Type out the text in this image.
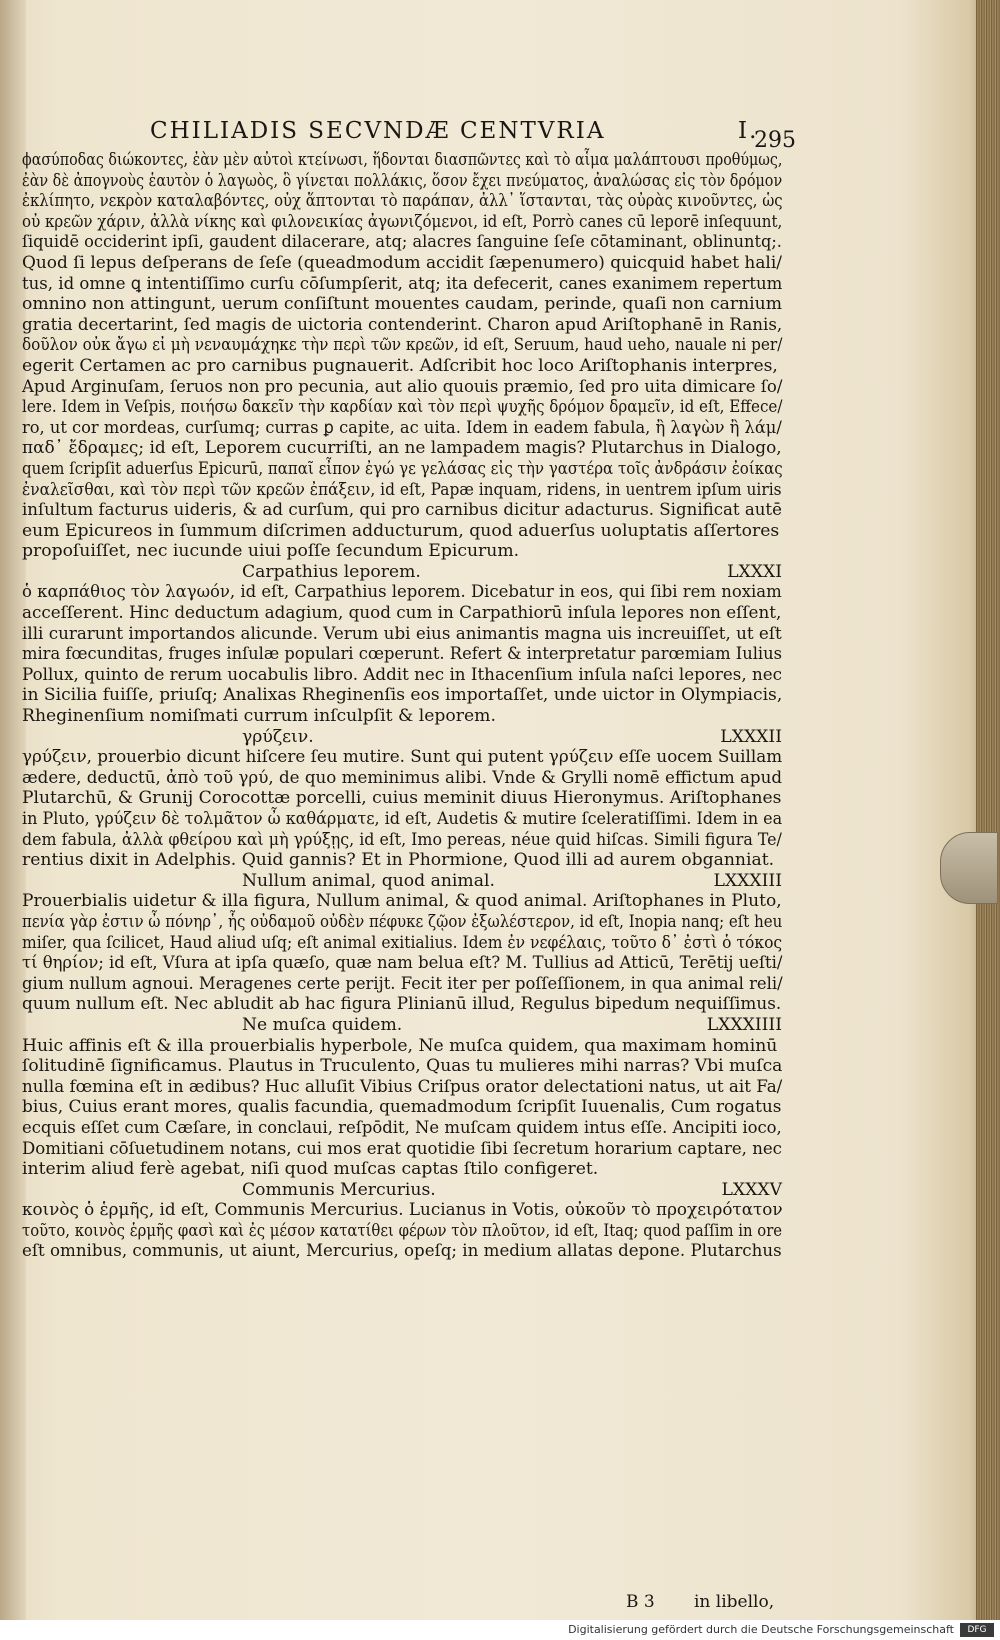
CHILIADIS SECVNDÆ CENTVRIA	I.
295
ϕασύποδας διώκοντες, ἐὰν μὲν αὐτοὶ κτείνωσι, ἥδονται διασπῶντες καὶ τὸ αἷμα μαλάπτουσι προθύμως,
ἐὰν δὲ ἀπογνοὺς ἑαυτὸν ὁ λαγωὸς, ὃ γίνεται πολλάκις, ὅσον ἔχει πνεύματος, ἀναλώσας εἰς τὸν δρόμον
ἐκλίπητο, νεκρὸν καταλαβόντες, οὐχ ἅπτονται τὸ παράπαν, ἀλλ᾽ ἵστανται, τὰς οὐρὰς κινοῦντες, ὡς
οὐ κρεῶν χάριν, ἀλλὰ νίκης καὶ φιλονεικίας ἀγωνιζόμενοι, id eſt, Porrò canes cū leporē inſequunt,
ſiquidē occiderint ipſi, gaudent dilacerare, atq; alacres ſanguine ſeſe cōtaminant, oblinuntq;.
Quod ſi lepus deſperans de ſeſe (queadmodum accidit ſæpenumero) quicquid habet hali/
tus, id omne ꝗ intentiſſimo curſu cōſumpſerit, atq; ita defecerit, canes exanimem repertum
omnino non attingunt, uerum conſiſtunt mouentes caudam, perinde, quaſi non carnium
gratia decertarint, ſed magis de uictoria contenderint. Charon apud Ariſtophanē in Ranis,
δοῦλον οὐκ ἄγω εἰ μὴ νεναυμάχηκε τὴν περὶ τῶν κρεῶν, id eſt, Seruum, haud ueho, nauale ni per/
egerit Certamen ac pro carnibus pugnauerit. Adſcribit hoc loco Ariſtophanis interpres,
Apud Arginuſam, ſeruos non pro pecunia, aut alio quouis præmio, ſed pro uita dimicare ſo/
lere. Idem in Veſpis, ποιήσω δακεῖν τὴν καρδίαν καὶ τὸν περὶ ψυχῆς δρόμον δραμεῖν, id eſt, Effece/
ro, ut cor mordeas, curſumq; curras ꝑ capite, ac uita. Idem in eadem fabula, ἢ λαγὼν ἢ λάμ/
παδ᾽ ἔδραμες; id eſt, Leporem cucurriſti, an ne lampadem magis? Plutarchus in Dialogo,
quem ſcripſit aduerſus Epicurū, παπαῖ εἶπον ἐγώ γε γελάσας εἰς τὴν γαστέρα τοῖς ἀνδράσιν ἐοίκας
ἐναλεῖσθαι, καὶ τὸν περὶ τῶν κρεῶν ἐπάξειν, id eſt, Papæ inquam, ridens, in uentrem ipſum uiris
inſultum facturus uideris, & ad curſum, qui pro carnibus dicitur adacturus. Significat autē
eum Epicureos in ſummum diſcrimen adducturum, quod aduerſus uoluptatis aſſertores
propoſuiſſet, nec iucunde uiui poſſe ſecundum Epicurum.
Carpathius leporem.	LXXXI
ὁ καρπάθιος τὸν λαγωόν, id eſt, Carpathius leporem. Dicebatur in eos, qui ſibi rem noxiam
acceſſerent. Hinc deductum adagium, quod cum in Carpathiorū inſula lepores non eſſent,
illi curarunt importandos alicunde. Verum ubi eius animantis magna uis increuiſſet, ut eſt
mira fœcunditas, fruges inſulæ populari cœperunt. Refert & interpretatur parœmiam Iulius
Pollux, quinto de rerum uocabulis libro. Addit nec in Ithacenſium inſula naſci lepores, nec
in Sicilia fuiſſe, priuſq; Analixas Rheginenſis eos importaſſet, unde uictor in Olympiacis,
Rheginenſium nomiſmati currum inſculpſit & leporem.
γρύζειν.	LXXXII
γρύζειν, prouerbio dicunt hiſcere ſeu mutire. Sunt qui putent γρύζειν eſſe uocem Suillam
ædere, deductū, ἀπὸ τοῦ γρύ, de quo meminimus alibi. Vnde & Grylli nomē effictum apud
Plutarchū, & Grunij Corocottæ porcelli, cuius meminit diuus Hieronymus. Ariſtophanes
in Pluto, γρύζειν δὲ τολμᾶτον ὦ καθάρματε, id eſt, Audetis & mutire ſceleratiſſimi. Idem in ea
dem fabula, ἀλλὰ φθείρου καὶ μὴ γρύξῃς, id eſt, Imo pereas, néue quid hiſcas. Simili figura Te/
rentius dixit in Adelphis. Quid gannis? Et in Phormione, Quod illi ad aurem obganniat.
Nullum animal, quod animal.	LXXXIII
Prouerbialis uidetur & illa figura, Nullum animal, & quod animal. Ariſtophanes in Pluto,
πενία γὰρ ἐστιν ὦ πόνηρ᾽, ἧς οὐδαμοῦ οὐδὲν πέφυκε ζῷον ἐξωλέστερον, id eſt, Inopia nanq; eſt heu
miſer, qua ſcilicet, Haud aliud uſq; eſt animal exitialius. Idem ἐν νεφέλαις, τοῦτο δ᾽ ἐστὶ ὁ τόκος
τί θηρίον; id eſt, Vſura at ipſa quæſo, quæ nam belua eſt? M. Tullius ad Atticū, Terētij ueſti/
gium nullum agnoui. Meragenes certe perijt. Fecit iter per poſſeſſionem, in qua animal reli/
quum nullum eſt. Nec abludit ab hac figura Plinianū illud, Regulus bipedum nequiſſimus.
Ne muſca quidem.	LXXXIIII
Huic affinis eſt & illa prouerbialis hyperbole, Ne muſca quidem, qua maximam hominū
ſolitudinē ſignificamus. Plautus in Truculento, Quas tu mulieres mihi narras? Vbi muſca
nulla fœmina eſt in ædibus? Huc alluſit Vibius Criſpus orator delectationi natus, ut ait Fa/
bius, Cuius erant mores, qualis facundia, quemadmodum ſcripſit Iuuenalis, Cum rogatus
ecquis eſſet cum Cæſare, in conclaui, reſpōdit, Ne muſcam quidem intus eſſe. Ancipiti ioco,
Domitiani cōſuetudinem notans, cui mos erat quotidie ſibi ſecretum horarium captare, nec
interim aliud ferè agebat, niſi quod muſcas captas ſtilo configeret.
Communis Mercurius.	LXXXV
κοινὸς ὁ ἑρμῆς, id eſt, Communis Mercurius. Lucianus in Votis, οὐκοῦν τὸ προχειρότατον
τοῦτο, κοινὸς ἑρμῆς φασὶ καὶ ἐς μέσον κατατίθει φέρων τὸν πλοῦτον, id eſt, Itaq; quod paſſim in ore
eſt omnibus, communis, ut aiunt, Mercurius, opeſq; in medium allatas depone. Plutarchus
B 3 in libello,
Digitalisierung gefördert durch die Deutsche Forschungsgemeinschaft	DFG
